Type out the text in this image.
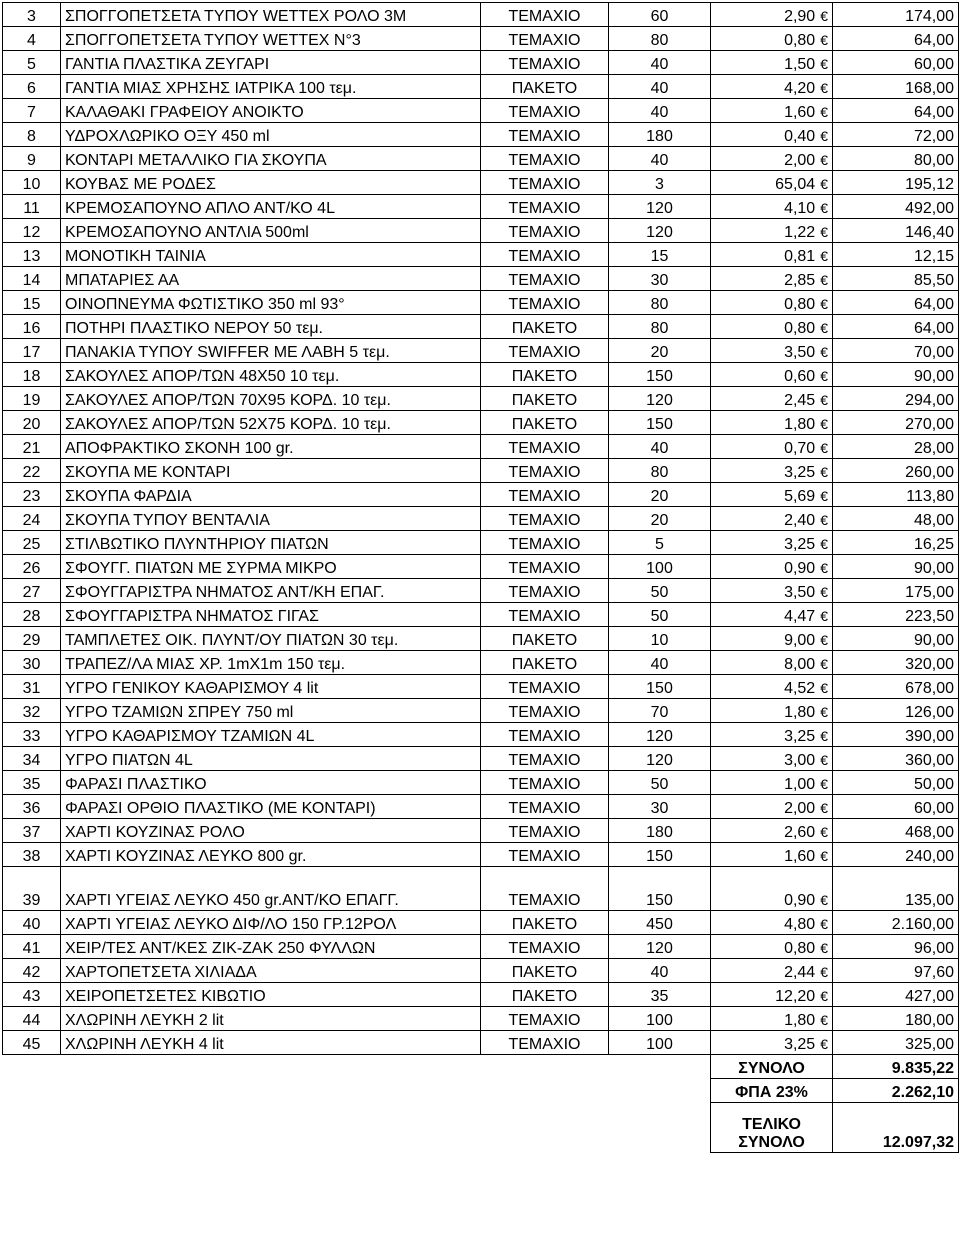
3	ΣΠΟΓΓΟΠΕΤΣΕΤΑ ΤΥΠΟΥ WETTEX ΡΟΛΟ 3Μ	ΤΕΜΑΧΙΟ	60	2,90 €	174,00
4	ΣΠΟΓΓΟΠΕΤΣΕΤΑ ΤΥΠΟΥ WETTEX Ν°3	ΤΕΜΑΧΙΟ	80	0,80 €	64,00
5	ΓΑΝΤΙΑ ΠΛΑΣΤΙΚΑ ΖΕΥΓΑΡΙ	ΤΕΜΑΧΙΟ	40	1,50 €	60,00
6	ΓΑΝΤΙΑ ΜΙΑΣ ΧΡΗΣΗΣ ΙΑΤΡΙΚΑ 100 τεμ.	ΠΑΚΕΤΟ	40	4,20 €	168,00
7	ΚΑΛΑΘΑΚΙ ΓΡΑΦΕΙΟΥ ΑΝΟΙΚΤΟ	ΤΕΜΑΧΙΟ	40	1,60 €	64,00
8	ΥΔΡΟΧΛΩΡΙΚΟ ΟΞΥ 450 ml	ΤΕΜΑΧΙΟ	180	0,40 €	72,00
9	ΚΟΝΤΑΡΙ ΜΕΤΑΛΛΙΚΟ ΓΙΑ ΣΚΟΥΠΑ	ΤΕΜΑΧΙΟ	40	2,00 €	80,00
10	ΚΟΥΒΑΣ ΜΕ ΡΟΔΕΣ	ΤΕΜΑΧΙΟ	3	65,04 €	195,12
11	ΚΡΕΜΟΣΑΠΟΥΝΟ ΑΠΛΟ ΑΝΤ/ΚΟ 4L	ΤΕΜΑΧΙΟ	120	4,10 €	492,00
12	ΚΡΕΜΟΣΑΠΟΥΝΟ ΑΝΤΛΙΑ 500ml	ΤΕΜΑΧΙΟ	120	1,22 €	146,40
13	ΜΟΝΟΤΙΚΗ ΤΑΙΝΙΑ	ΤΕΜΑΧΙΟ	15	0,81 €	12,15
14	ΜΠΑΤΑΡΙΕΣ ΑΑ	ΤΕΜΑΧΙΟ	30	2,85 €	85,50
15	ΟΙΝΟΠΝΕΥΜΑ ΦΩΤΙΣΤΙΚΟ 350 ml 93°	ΤΕΜΑΧΙΟ	80	0,80 €	64,00
16	ΠΟΤΗΡΙ ΠΛΑΣΤΙΚΟ ΝΕΡΟΥ 50 τεμ.	ΠΑΚΕΤΟ	80	0,80 €	64,00
17	ΠΑΝΑΚΙΑ ΤΥΠΟΥ SWIFFER ΜΕ ΛΑΒΗ 5 τεμ.	ΤΕΜΑΧΙΟ	20	3,50 €	70,00
18	ΣΑΚΟΥΛΕΣ ΑΠΟΡ/ΤΩΝ 48Χ50 10 τεμ.	ΠΑΚΕΤΟ	150	0,60 €	90,00
19	ΣΑΚΟΥΛΕΣ ΑΠΟΡ/ΤΩΝ 70Χ95 ΚΟΡΔ. 10 τεμ.	ΠΑΚΕΤΟ	120	2,45 €	294,00
20	ΣΑΚΟΥΛΕΣ ΑΠΟΡ/ΤΩΝ 52Χ75 ΚΟΡΔ. 10 τεμ.	ΠΑΚΕΤΟ	150	1,80 €	270,00
21	ΑΠΟΦΡΑΚΤΙΚΟ ΣΚΟΝΗ 100 gr.	ΤΕΜΑΧΙΟ	40	0,70 €	28,00
22	ΣΚΟΥΠΑ ΜΕ ΚΟΝΤΑΡΙ	ΤΕΜΑΧΙΟ	80	3,25 €	260,00
23	ΣΚΟΥΠΑ ΦΑΡΔΙΑ	ΤΕΜΑΧΙΟ	20	5,69 €	113,80
24	ΣΚΟΥΠΑ ΤΥΠΟΥ ΒΕΝΤΑΛΙΑ	ΤΕΜΑΧΙΟ	20	2,40 €	48,00
25	ΣΤΙΛΒΩΤΙΚΟ ΠΛΥΝΤΗΡΙΟΥ ΠΙΑΤΩΝ	ΤΕΜΑΧΙΟ	5	3,25 €	16,25
26	ΣΦΟΥΓΓ. ΠΙΑΤΩΝ ΜΕ ΣΥΡΜΑ ΜΙΚΡΟ	ΤΕΜΑΧΙΟ	100	0,90 €	90,00
27	ΣΦΟΥΓΓΑΡΙΣΤΡΑ ΝΗΜΑΤΟΣ ΑΝΤ/ΚΗ ΕΠΑΓ.	ΤΕΜΑΧΙΟ	50	3,50 €	175,00
28	ΣΦΟΥΓΓΑΡΙΣΤΡΑ ΝΗΜΑΤΟΣ ΓΙΓΑΣ	ΤΕΜΑΧΙΟ	50	4,47 €	223,50
29	ΤΑΜΠΛΕΤΕΣ ΟΙΚ. ΠΛΥΝΤ/ΟΥ ΠΙΑΤΩΝ 30 τεμ.	ΠΑΚΕΤΟ	10	9,00 €	90,00
30	ΤΡΑΠΕΖ/ΛΑ ΜΙΑΣ ΧΡ. 1mX1m 150 τεμ.	ΠΑΚΕΤΟ	40	8,00 €	320,00
31	ΥΓΡΟ ΓΕΝΙΚΟΥ ΚΑΘΑΡΙΣΜΟΥ 4 lit	ΤΕΜΑΧΙΟ	150	4,52 €	678,00
32	ΥΓΡΟ ΤΖΑΜΙΩΝ ΣΠΡΕΥ 750 ml	ΤΕΜΑΧΙΟ	70	1,80 €	126,00
33	ΥΓΡΟ ΚΑΘΑΡΙΣΜΟΥ ΤΖΑΜΙΩΝ 4L	ΤΕΜΑΧΙΟ	120	3,25 €	390,00
34	ΥΓΡΟ ΠΙΑΤΩΝ 4L	ΤΕΜΑΧΙΟ	120	3,00 €	360,00
35	ΦΑΡΑΣΙ ΠΛΑΣΤΙΚΟ	ΤΕΜΑΧΙΟ	50	1,00 €	50,00
36	ΦΑΡΑΣΙ ΟΡΘΙΟ ΠΛΑΣΤΙΚΟ (ΜΕ ΚΟΝΤΑΡΙ)	ΤΕΜΑΧΙΟ	30	2,00 €	60,00
37	ΧΑΡΤΙ ΚΟΥΖΙΝΑΣ ΡΟΛΟ	ΤΕΜΑΧΙΟ	180	2,60 €	468,00
38	ΧΑΡΤΙ ΚΟΥΖΙΝΑΣ ΛΕΥΚΟ 800 gr.	ΤΕΜΑΧΙΟ	150	1,60 €	240,00
39	ΧΑΡΤΙ ΥΓΕΙΑΣ ΛΕΥΚΟ 450 gr.ΑΝΤ/ΚΟ ΕΠΑΓΓ.	ΤΕΜΑΧΙΟ	150	0,90 €	135,00
40	ΧΑΡΤΙ ΥΓΕΙΑΣ ΛΕΥΚΟ ΔΙΦ/ΛΟ 150 ΓΡ.12ΡΟΛ	ΠΑΚΕΤΟ	450	4,80 €	2.160,00
41	ΧΕΙΡ/ΤΕΣ ΑΝΤ/ΚΕΣ ZIK-ZAK 250 ΦΥΛΛΩΝ	ΤΕΜΑΧΙΟ	120	0,80 €	96,00
42	ΧΑΡΤΟΠΕΤΣΕΤΑ ΧΙΛΙΑΔΑ	ΠΑΚΕΤΟ	40	2,44 €	97,60
43	ΧΕΙΡΟΠΕΤΣΕΤΕΣ ΚΙΒΩΤΙΟ	ΠΑΚΕΤΟ	35	12,20 €	427,00
44	ΧΛΩΡΙΝΗ ΛΕΥΚΗ 2 lit	ΤΕΜΑΧΙΟ	100	1,80 €	180,00
45	ΧΛΩΡΙΝΗ ΛΕΥΚΗ 4 lit	ΤΕΜΑΧΙΟ	100	3,25 €	325,00
				ΣΥΝΟΛΟ	9.835,22
				ΦΠΑ 23%	2.262,10
				ΤΕΛΙΚΟ ΣΥΝΟΛΟ	12.097,32
